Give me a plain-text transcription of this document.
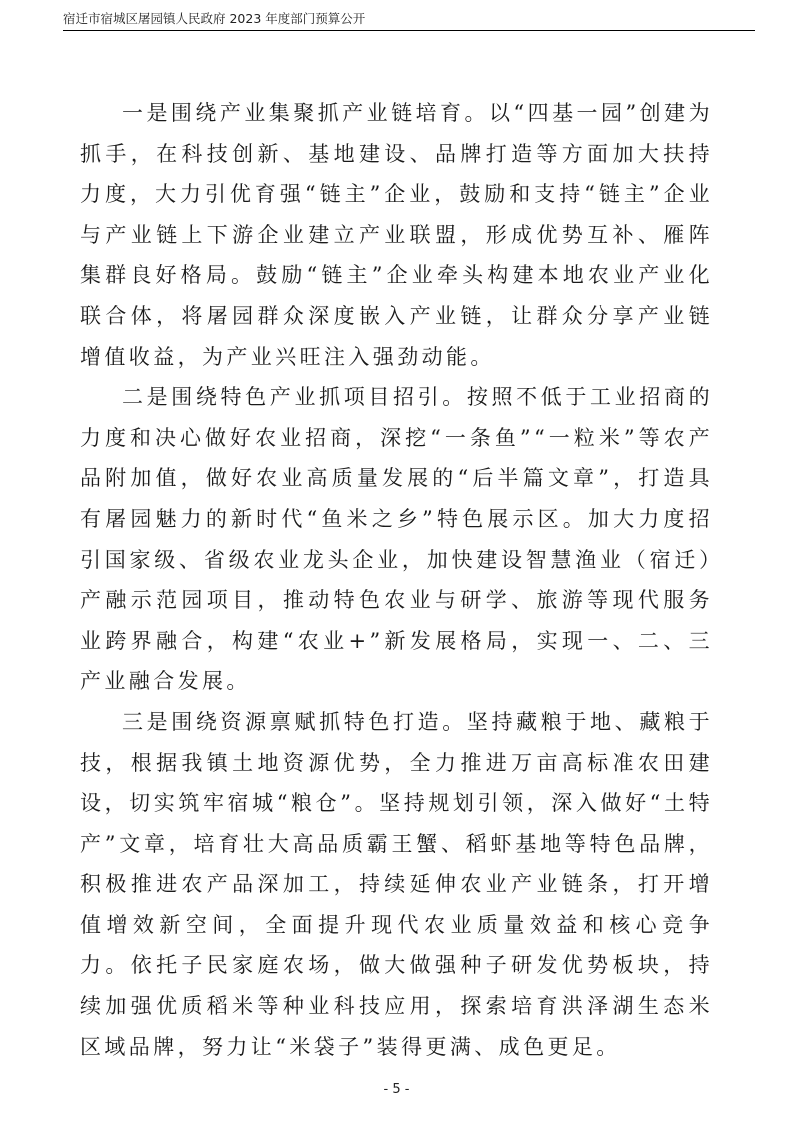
宿迁市宿城区屠园镇人民政府 2023 年度部门预算公开

一是围绕产业集聚抓产业链培育。以“四基一园”创建为抓手，在科技创新、基地建设、品牌打造等方面加大扶持力度，大力引优育强“链主”企业，鼓励和支持“链主”企业与产业链上下游企业建立产业联盟，形成优势互补、雁阵集群良好格局。鼓励“链主”企业牵头构建本地农业产业化联合体，将屠园群众深度嵌入产业链，让群众分享产业链增值收益，为产业兴旺注入强劲动能。

二是围绕特色产业抓项目招引。按照不低于工业招商的力度和决心做好农业招商，深挖“一条鱼”“一粒米”等农产品附加值，做好农业高质量发展的“后半篇文章”，打造具有屠园魅力的新时代“鱼米之乡”特色展示区。加大力度招引国家级、省级农业龙头企业，加快建设智慧渔业（宿迁）产融示范园项目，推动特色农业与研学、旅游等现代服务业跨界融合，构建“农业+”新发展格局，实现一、二、三产业融合发展。

三是围绕资源禀赋抓特色打造。坚持藏粮于地、藏粮于技，根据我镇土地资源优势，全力推进万亩高标准农田建设，切实筑牢宿城“粮仓”。坚持规划引领，深入做好“土特产”文章，培育壮大高品质霸王蟹、稻虾基地等特色品牌，积极推进农产品深加工，持续延伸农业产业链条，打开增值增效新空间，全面提升现代农业质量效益和核心竞争力。依托子民家庭农场，做大做强种子研发优势板块，持续加强优质稻米等种业科技应用，探索培育洪泽湖生态米区域品牌，努力让“米袋子”装得更满、成色更足。

- 5 -
